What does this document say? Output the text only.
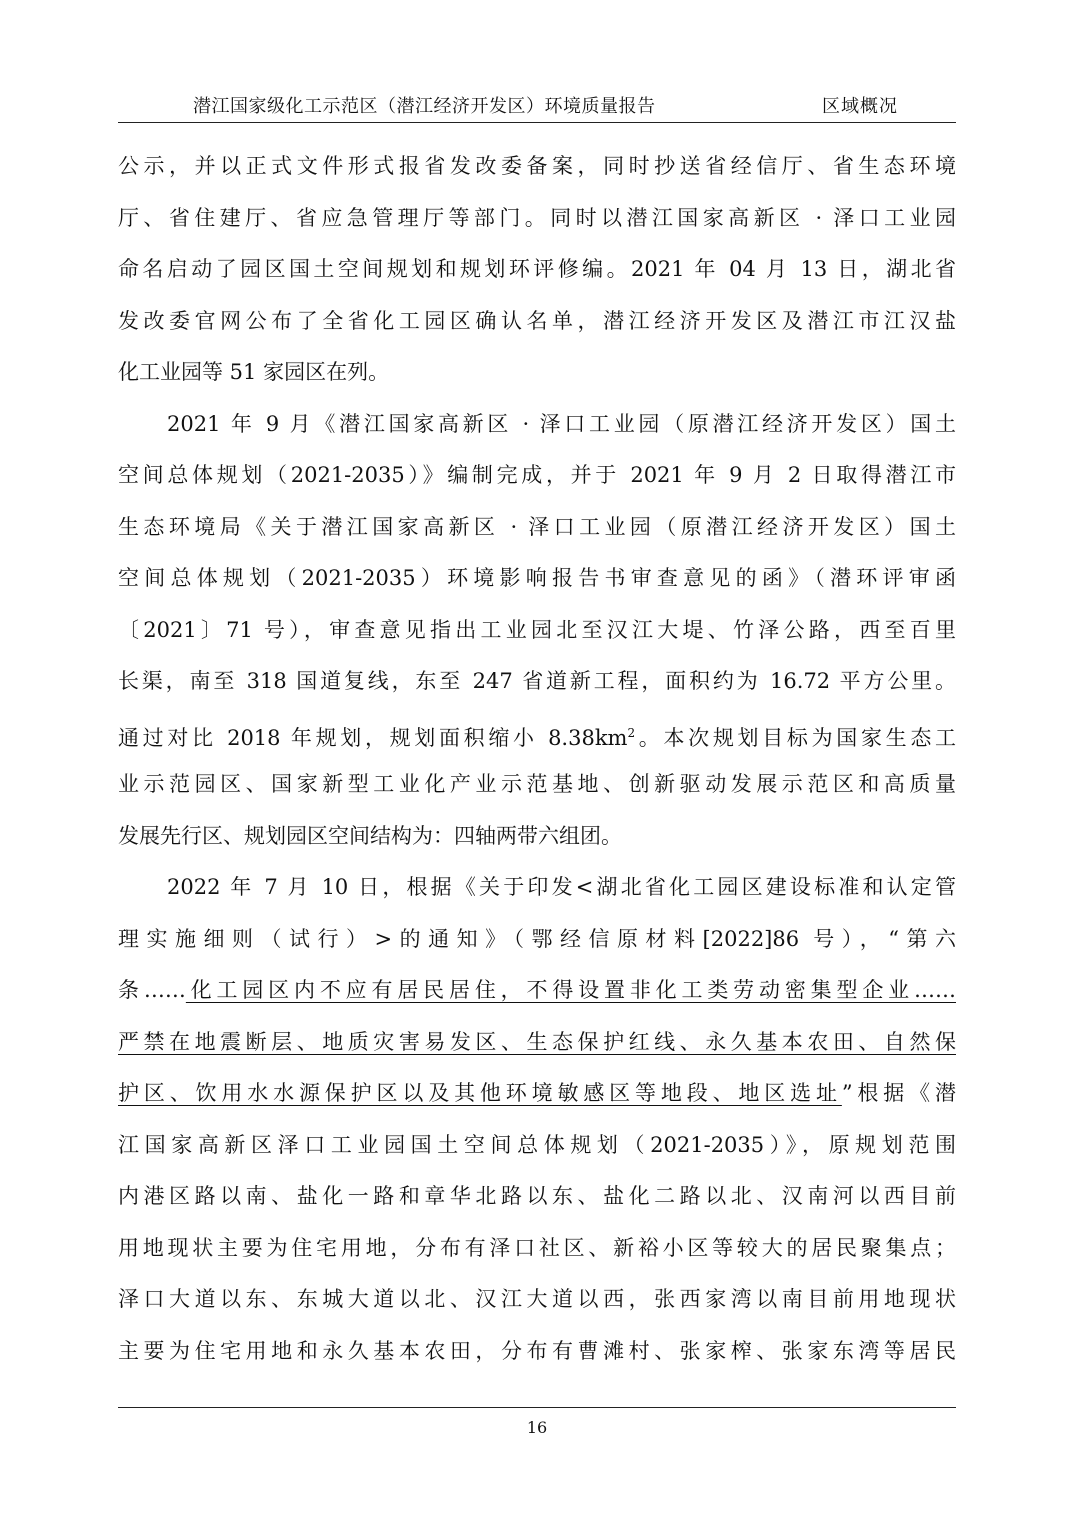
潜江国家级化工示范区（潜江经济开发区）环境质量报告	区域概况
公示，并以正式文件形式报省发改委备案，同时抄送省经信厅、省生态环境
厅、省住建厅、省应急管理厅等部门。同时以潜江国家高新区 · 泽口工业园
命名启动了园区国土空间规划和规划环评修编。2021 年 04 月 13 日，湖北省
发改委官网公布了全省化工园区确认名单，潜江经济开发区及潜江市江汉盐
化工业园等 51 家园区在列。
2021 年 9 月《潜江国家高新区 · 泽口工业园（原潜江经济开发区）国土
空间总体规划（2021-2035）》编制完成，并于 2021 年 9 月 2 日取得潜江市
生态环境局《关于潜江国家高新区 · 泽口工业园（原潜江经济开发区）国土
空间总体规划（2021-2035）环境影响报告书审查意见的函》（潜环评审函
〔2021〕71 号），审查意见指出工业园北至汉江大堤、竹泽公路，西至百里
长渠，南至 318 国道复线，东至 247 省道新工程，面积约为 16.72 平方公里。
通过对比 2018 年规划，规划面积缩小 $8.38km^2$。本次规划目标为国家生态工
业示范园区、国家新型工业化产业示范基地、创新驱动发展示范区和高质量
发展先行区、规划园区空间结构为：四轴两带六组团。
2022 年 7 月 10 日，根据《关于印发<湖北省化工园区建设标准和认定管
理实施细则（试行）>的通知》（鄂经信原材料[2022]86 号），“第六
条……化工园区内不应有居民居住，不得设置非化工类劳动密集型企业……
严禁在地震断层、地质灾害易发区、生态保护红线、永久基本农田、自然保
护区、饮用水水源保护区以及其他环境敏感区等地段、地区选址”根据《潜
江国家高新区泽口工业园国土空间总体规划（2021-2035）》，原规划范围
内港区路以南、盐化一路和章华北路以东、盐化二路以北、汉南河以西目前
用地现状主要为住宅用地，分布有泽口社区、新裕小区等较大的居民聚集点；
泽口大道以东、东城大道以北、汉江大道以西，张西家湾以南目前用地现状
主要为住宅用地和永久基本农田，分布有曹滩村、张家榨、张家东湾等居民
16
